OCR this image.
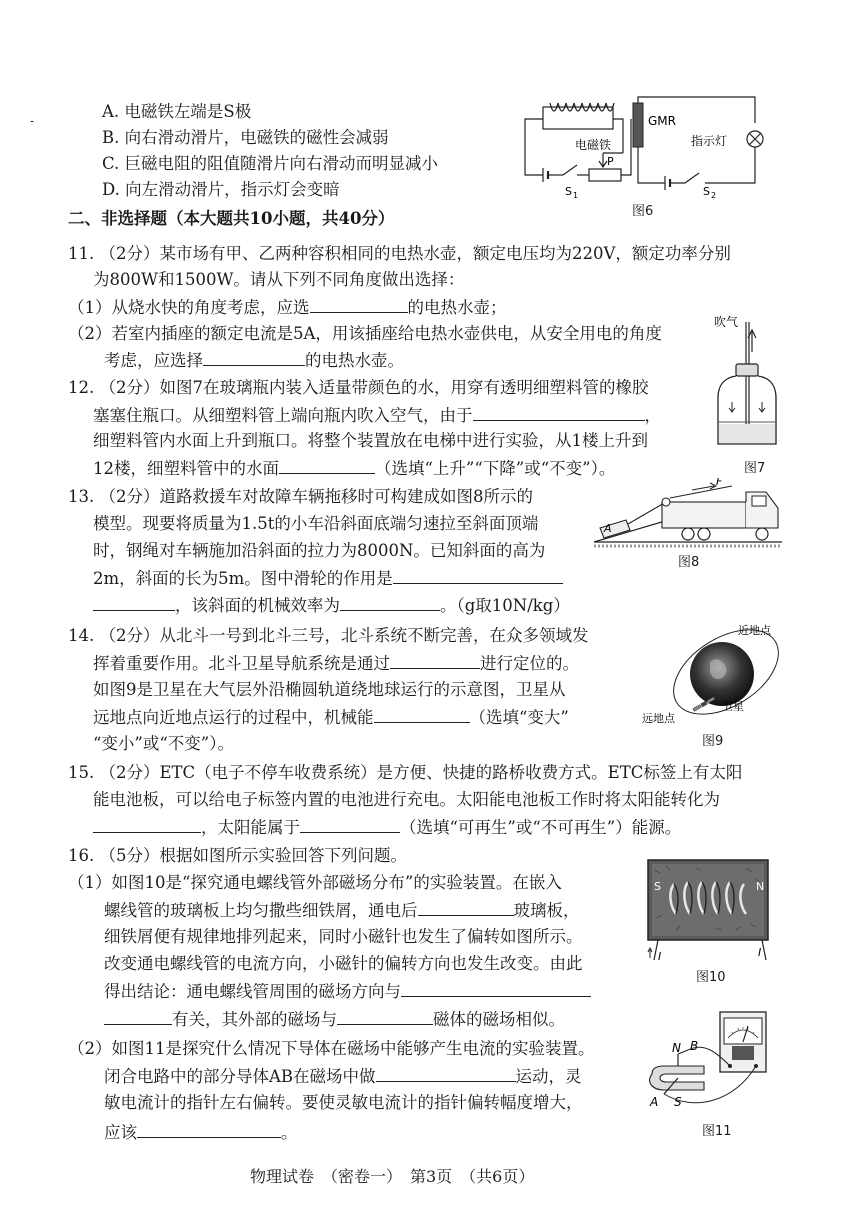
-	A. 电磁铁左端是S极
B. 向右滑动滑片，电磁铁的磁性会减弱
C. 巨磁电阻的阻值随滑片向右滑动而明显减小
D. 向左滑动滑片，指示灯会变暗
GMR
指示灯
电磁铁
P
S 1	S 2
图6
二、非选择题（本大题共10小题，共40分）
11. （2分）某市场有甲、乙两种容积相同的电热水壶，额定电压均为220V，额定功率分别
为800W和1500W。请从下列不同角度做出选择：
（1）从烧水快的角度考虑，应选	的电热水壶；
（2）若室内插座的额定电流是5A，用该插座给电热水壶供电，从安全用电的角度
考虑，应选择	的电热水壶。
吹气
图7
12. （2分）如图7在玻璃瓶内装入适量带颜色的水，用穿有透明细塑料管的橡胶
塞塞住瓶口。从细塑料管上端向瓶内吹入空气，由于	，
细塑料管内水面上升到瓶口。将整个装置放在电梯中进行实验，从1楼上升到
12楼，细塑料管中的水面	（选填“上升”“下降”或“不变”）。
13. （2分）道路救援车对故障车辆拖移时可构建成如图8所示的
模型。现要将质量为1.5t的小车沿斜面底端匀速拉至斜面顶端
时，钢绳对车辆施加沿斜面的拉力为8000N。已知斜面的高为
2m，斜面的长为5m。图中滑轮的作用是
，该斜面的机械效率为	。（g取10N/kg）
A
F
图8
14. （2分）从北斗一号到北斗三号，北斗系统不断完善，在众多领域发
挥着重要作用。北斗卫星导航系统是通过	进行定位的。
如图9是卫星在大气层外沿椭圆轨道绕地球运行的示意图，卫星从
远地点向近地点运行的过程中，机械能	（选填“变大”
“变小”或“不变”）。
近地点
远地点
卫星
图9
15. （2分）ETC（电子不停车收费系统）是方便、快捷的路桥收费方式。ETC标签上有太阳
能电池板，可以给电子标签内置的电池进行充电。太阳能电池板工作时将太阳能转化为
，太阳能属于	（选填“可再生”或“不可再生”）能源。
16. （5分）根据如图所示实验回答下列问题。
（1）如图10是“探究通电螺线管外部磁场分布”的实验装置。在嵌入
螺线管的玻璃板上均匀撒些细铁屑，通电后	玻璃板，
细铁屑便有规律地排列起来，同时小磁针也发生了偏转如图所示。
改变通电螺线管的电流方向，小磁针的偏转方向也发生改变。由此
得出结论：通电螺线管周围的磁场方向与
有关，其外部的磁场与	磁体的磁场相似。
（2）如图11是探究什么情况下导体在磁场中能够产生电流的实验装置。
闭合电路中的部分导体AB在磁场中做	运动，灵
敏电流计的指针左右偏转。要使灵敏电流计的指针偏转幅度增大，
应该	。
S	N
I	I
图10
N B
A S
图11
物理试卷　（密卷一）　第3页　（共6页）
